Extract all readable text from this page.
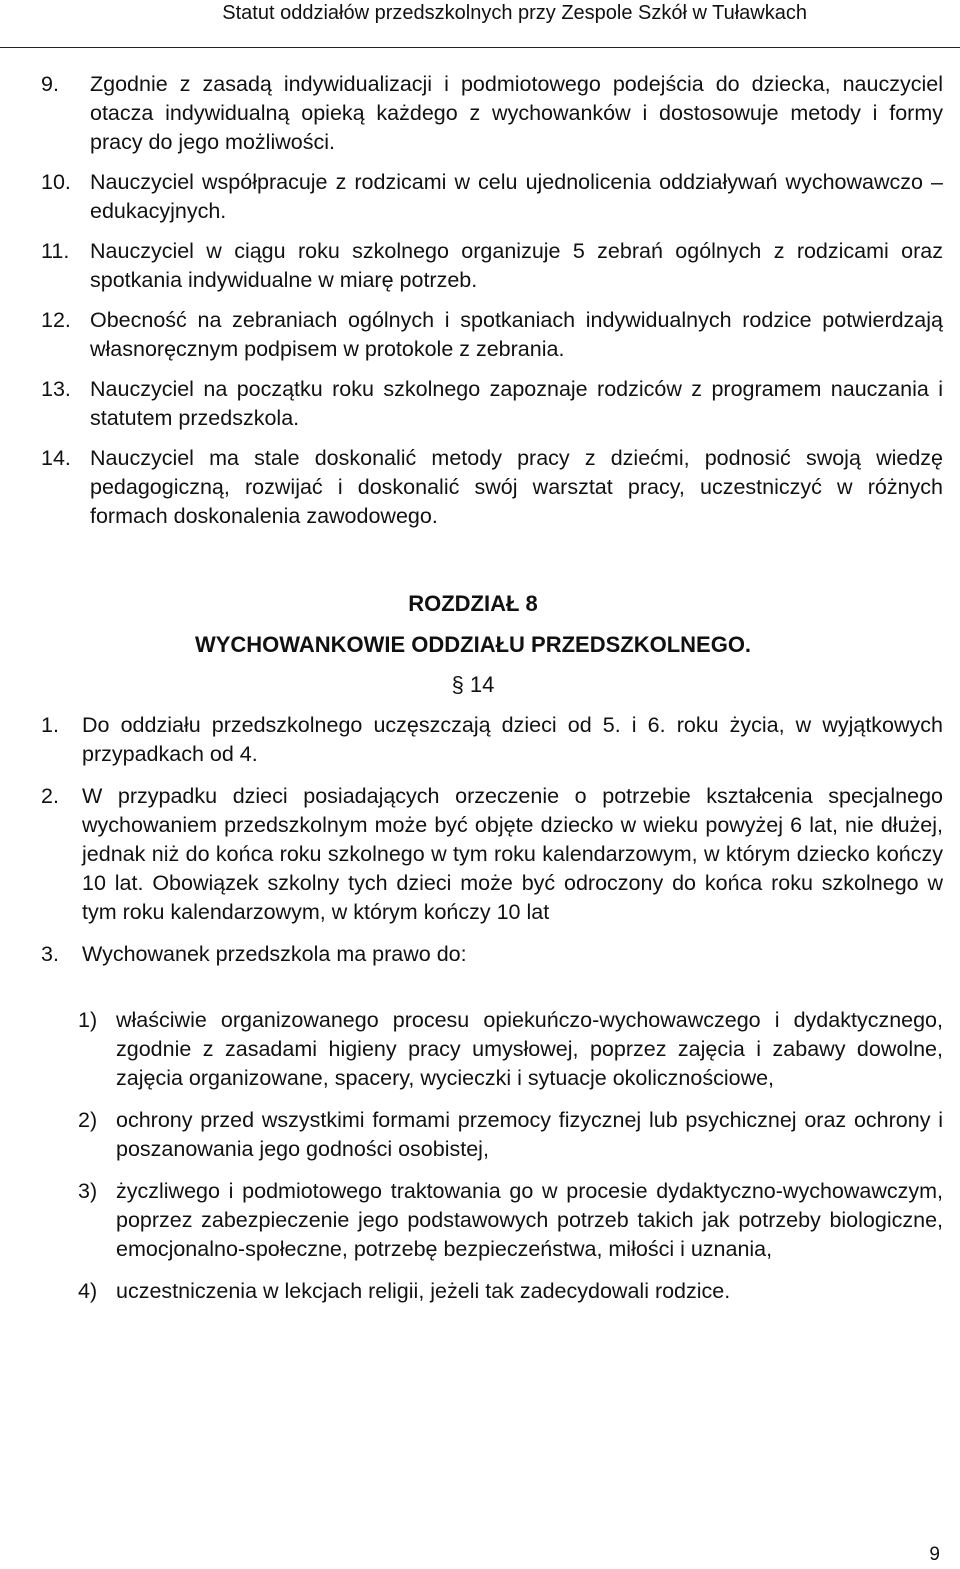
Statut oddziałów przedszkolnych przy Zespole Szkół w Tuławkach
9. Zgodnie z zasadą indywidualizacji i podmiotowego podejścia do dziecka, nauczyciel otacza indywidualną opieką każdego z wychowanków i dostosowuje metody i formy pracy do jego możliwości.
10. Nauczyciel współpracuje z rodzicami w celu ujednolicenia oddziaływań wychowawczo – edukacyjnych.
11. Nauczyciel w ciągu roku szkolnego organizuje 5 zebrań ogólnych z rodzicami oraz spotkania indywidualne w miarę potrzeb.
12. Obecność na zebraniach ogólnych i spotkaniach indywidualnych rodzice potwierdzają własnoręcznym podpisem w protokole z zebrania.
13. Nauczyciel na początku roku szkolnego zapoznaje rodziców z programem nauczania i statutem przedszkola.
14. Nauczyciel ma stale doskonalić metody pracy z dziećmi, podnosić swoją wiedzę pedagogiczną, rozwijać i doskonalić swój warsztat pracy, uczestniczyć w różnych formach doskonalenia zawodowego.
ROZDZIAŁ 8
WYCHOWANKOWIE ODDZIAŁU PRZEDSZKOLNEGO.
§ 14
1. Do oddziału przedszkolnego uczęszczają dzieci od 5. i 6. roku życia, w wyjątkowych przypadkach od 4.
2. W przypadku dzieci posiadających orzeczenie o potrzebie kształcenia specjalnego wychowaniem przedszkolnym może być objęte dziecko w wieku powyżej 6 lat, nie dłużej, jednak niż do końca roku szkolnego w tym roku kalendarzowym, w którym dziecko kończy 10 lat. Obowiązek szkolny tych dzieci może być odroczony do końca roku szkolnego w tym roku kalendarzowym, w którym kończy 10 lat
3. Wychowanek przedszkola ma prawo do:
1) właściwie organizowanego procesu opiekuńczo-wychowawczego i dydaktycznego, zgodnie z zasadami higieny pracy umysłowej, poprzez zajęcia i zabawy dowolne, zajęcia organizowane, spacery, wycieczki i sytuacje okolicznościowe,
2) ochrony przed wszystkimi formami przemocy fizycznej lub psychicznej oraz ochrony i poszanowania jego godności osobistej,
3) życzliwego i podmiotowego traktowania go w procesie dydaktyczno-wychowawczym, poprzez zabezpieczenie jego podstawowych potrzeb takich jak potrzeby biologiczne, emocjonalno-społeczne, potrzebę bezpieczeństwa, miłości i uznania,
4) uczestniczenia w lekcjach religii, jeżeli tak zadecydowali rodzice.
9
